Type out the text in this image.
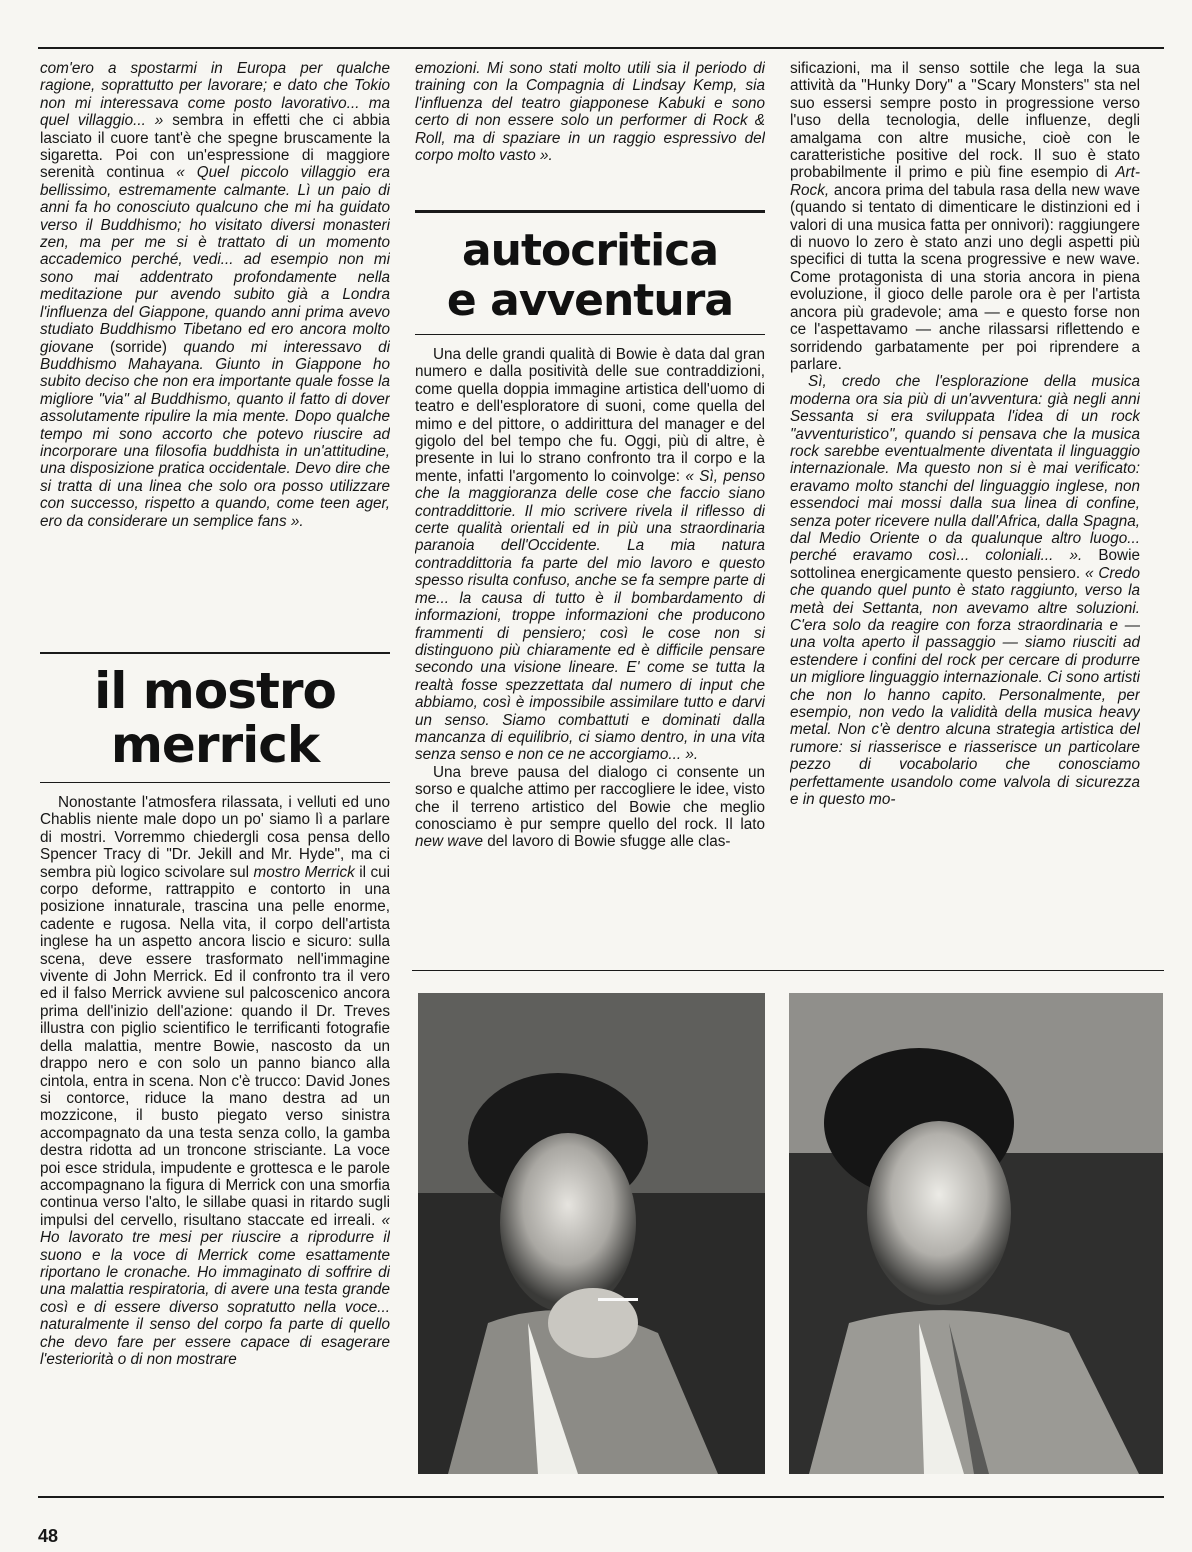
com'ero a spostarmi in Europa per qualche ragione, soprattutto per lavorare; e dato che Tokio non mi interessava come posto lavorativo... ma quel villaggio... » sembra in effetti che ci abbia lasciato il cuore tant'è che spegne bruscamente la sigaretta. Poi con un'espressione di maggiore serenità continua « Quel piccolo villaggio era bellissimo, estremamente calmante. Lì un paio di anni fa ho conosciuto qualcuno che mi ha guidato verso il Buddhismo; ho visitato diversi monasteri zen, ma per me si è trattato di un momento accademico perché, vedi... ad esempio non mi sono mai addentrato profondamente nella meditazione pur avendo subito già a Londra l'influenza del Giappone, quando anni prima avevo studiato Buddhismo Tibetano ed ero ancora molto giovane (sorride) quando mi interessavo di Buddhismo Mahayana. Giunto in Giappone ho subito deciso che non era importante quale fosse la migliore "via" al Buddhismo, quanto il fatto di dover assolutamente ripulire la mia mente. Dopo qualche tempo mi sono accorto che potevo riuscire ad incorporare una filosofia buddhista in un'attitudine, una disposizione pratica occidentale. Devo dire che si tratta di una linea che solo ora posso utilizzare con successo, rispetto a quando, come teen ager, ero da considerare un semplice fans ».

il mostro
merrick

Nonostante l'atmosfera rilassata, i velluti ed uno Chablis niente male dopo un po' siamo lì a parlare di mostri. Vorremmo chiedergli cosa pensa dello Spencer Tracy di "Dr. Jekill and Mr. Hyde", ma ci sembra più logico scivolare sul mostro Merrick il cui corpo deforme, rattrappito e contorto in una posizione innaturale, trascina una pelle enorme, cadente e rugosa. Nella vita, il corpo dell'artista inglese ha un aspetto ancora liscio e sicuro: sulla scena, deve essere trasformato nell'immagine vivente di John Merrick. Ed il confronto tra il vero ed il falso Merrick avviene sul palcoscenico ancora prima dell'inizio dell'azione: quando il Dr. Treves illustra con piglio scientifico le terrificanti fotografie della malattia, mentre Bowie, nascosto da un drappo nero e con solo un panno bianco alla cintola, entra in scena. Non c'è trucco: David Jones si contorce, riduce la mano destra ad un mozzicone, il busto piegato verso sinistra accompagnato da una testa senza collo, la gamba destra ridotta ad un troncone strisciante. La voce poi esce stridula, impudente e grottesca e le parole accompagnano la figura di Merrick con una smorfia continua verso l'alto, le sillabe quasi in ritardo sugli impulsi del cervello, risultano staccate ed irreali. « Ho lavorato tre mesi per riuscire a riprodurre il suono e la voce di Merrick come esattamente riportano le cronache. Ho immaginato di soffrire di una malattia respiratoria, di avere una testa grande così e di essere diverso sopratutto nella voce... naturalmente il senso del corpo fa parte di quello che devo fare per essere capace di esagerare l'esteriorità o di non mostrare

emozioni. Mi sono stati molto utili sia il periodo di training con la Compagnia di Lindsay Kemp, sia l'influenza del teatro giapponese Kabuki e sono certo di non essere solo un performer di Rock & Roll, ma di spaziare in un raggio espressivo del corpo molto vasto ».

autocritica
e avventura

Una delle grandi qualità di Bowie è data dal gran numero e dalla positività delle sue contraddizioni, come quella doppia immagine artistica dell'uomo di teatro e dell'esploratore di suoni, come quella del mimo e del pittore, o addirittura del manager e del gigolo del bel tempo che fu. Oggi, più di altre, è presente in lui lo strano confronto tra il corpo e la mente, infatti l'argomento lo coinvolge: « Sì, penso che la maggioranza delle cose che faccio siano contraddittorie. Il mio scrivere rivela il riflesso di certe qualità orientali ed in più una straordinaria paranoia dell'Occidente. La mia natura contraddittoria fa parte del mio lavoro e questo spesso risulta confuso, anche se fa sempre parte di me... la causa di tutto è il bombardamento di informazioni, troppe informazioni che producono frammenti di pensiero; così le cose non si distinguono più chiaramente ed è difficile pensare secondo una visione lineare. E' come se tutta la realtà fosse spezzettata dal numero di input che abbiamo, così è impossibile assimilare tutto e darvi un senso. Siamo combattuti e dominati dalla mancanza di equilibrio, ci siamo dentro, in una vita senza senso e non ce ne accorgiamo... ».

Una breve pausa del dialogo ci consente un sorso e qualche attimo per raccogliere le idee, visto che il terreno artistico del Bowie che meglio conosciamo è pur sempre quello del rock. Il lato new wave del lavoro di Bowie sfugge alle clas-

sificazioni, ma il senso sottile che lega la sua attività da "Hunky Dory" a "Scary Monsters" sta nel suo essersi sempre posto in progressione verso l'uso della tecnologia, delle influenze, degli amalgama con altre musiche, cioè con le caratteristiche positive del rock. Il suo è stato probabilmente il primo e più fine esempio di Art-Rock, ancora prima del tabula rasa della new wave (quando si tentato di dimenticare le distinzioni ed i valori di una musica fatta per onnivori): raggiungere di nuovo lo zero è stato anzi uno degli aspetti più specifici di tutta la scena progressive e new wave. Come protagonista di una storia ancora in piena evoluzione, il gioco delle parole ora è per l'artista ancora più gradevole; ama — e questo forse non ce l'aspettavamo — anche rilassarsi riflettendo e sorridendo garbatamente per poi riprendere a parlare.

Sì, credo che l'esplorazione della musica moderna ora sia più di un'avventura: già negli anni Sessanta si era sviluppata l'idea di un rock "avventuristico", quando si pensava che la musica rock sarebbe eventualmente diventata il linguaggio internazionale. Ma questo non si è mai verificato: eravamo molto stanchi del linguaggio inglese, non essendoci mai mossi dalla sua linea di confine, senza poter ricevere nulla dall'Africa, dalla Spagna, dal Medio Oriente o da qualunque altro luogo... perché eravamo così... coloniali... ». Bowie sottolinea energicamente questo pensiero. « Credo che quando quel punto è stato raggiunto, verso la metà dei Settanta, non avevamo altre soluzioni. C'era solo da reagire con forza straordinaria e — una volta aperto il passaggio — siamo riusciti ad estendere i confini del rock per cercare di produrre un migliore linguaggio internazionale. Ci sono artisti che non lo hanno capito. Personalmente, per esempio, non vedo la validità della musica heavy metal. Non c'è dentro alcuna strategia artistica del rumore: si riasserisce e riasserisce un particolare pezzo di vocabolario che conosciamo perfettamente usandolo come valvola di sicurezza e in questo mo-

48
